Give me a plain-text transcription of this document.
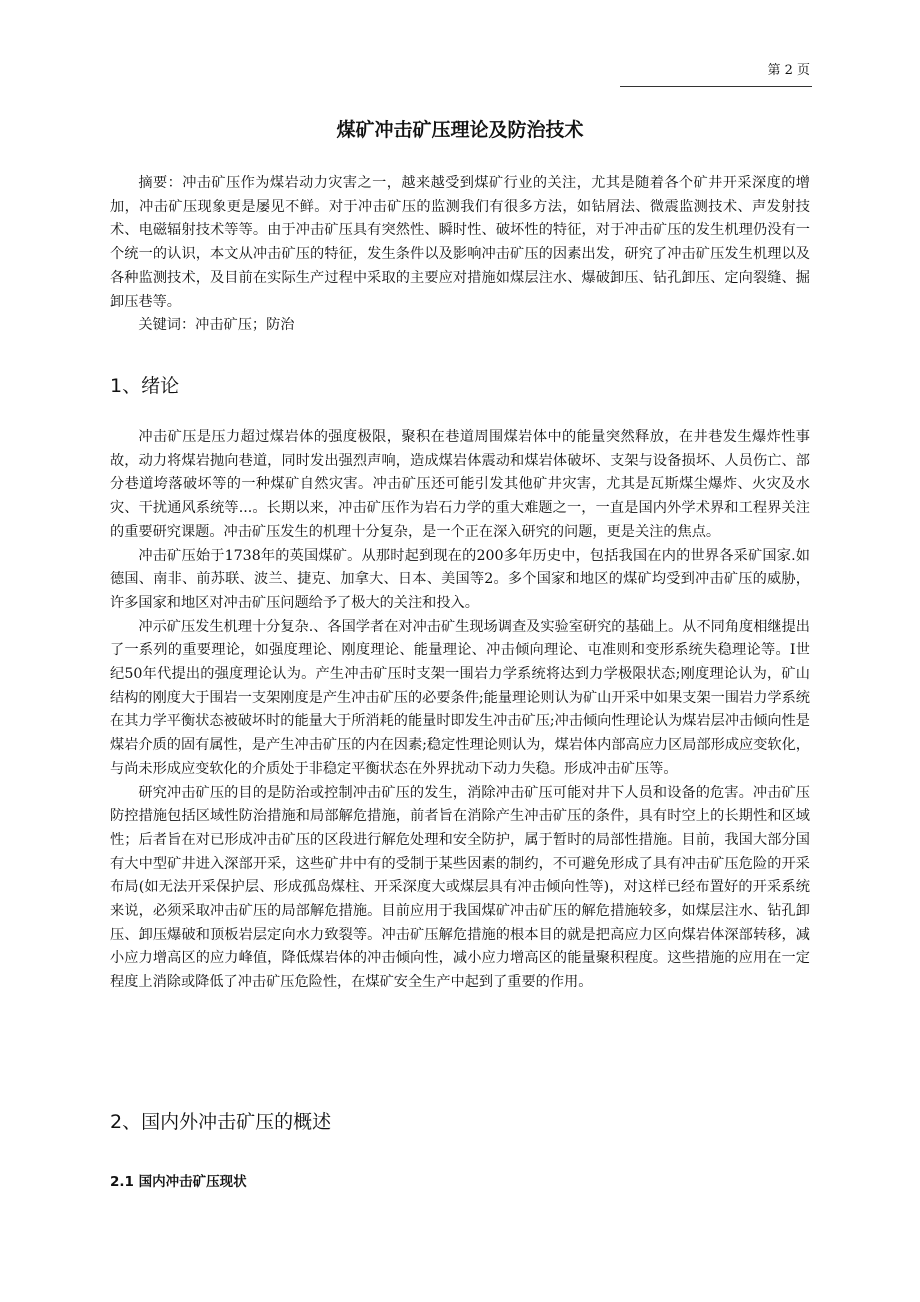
第 2 页
煤矿冲击矿压理论及防治技术

摘要：冲击矿压作为煤岩动力灾害之一，越来越受到煤矿行业的关注，尤其是随着各个矿井开采深度的增加，冲击矿压现象更是屡见不鲜。对于冲击矿压的监测我们有很多方法，如钻屑法、微震监测技术、声发射技术、电磁辐射技术等等。由于冲击矿压具有突然性、瞬时性、破坏性的特征，对于冲击矿压的发生机理仍没有一个统一的认识，本文从冲击矿压的特征，发生条件以及影响冲击矿压的因素出发，研究了冲击矿压发生机理以及各种监测技术，及目前在实际生产过程中采取的主要应对措施如煤层注水、爆破卸压、钻孔卸压、定向裂缝、掘卸压巷等。

关键词：冲击矿压；防治

1、绪论

冲击矿压是压力超过煤岩体的强度极限，聚积在巷道周围煤岩体中的能量突然释放，在井巷发生爆炸性事故，动力将煤岩抛向巷道，同时发出强烈声响，造成煤岩体震动和煤岩体破坏、支架与设备损坏、人员伤亡、部分巷道垮落破坏等的一种煤矿自然灾害。冲击矿压还可能引发其他矿井灾害，尤其是瓦斯煤尘爆炸、火灾及水灾、干扰通风系统等...。长期以来，冲击矿压作为岩石力学的重大难题之一，一直是国内外学术界和工程界关注的重要研究课题。冲击矿压发生的机理十分复杂，是一个正在深入研究的问题，更是关注的焦点。

冲击矿压始于1738年的英国煤矿。从那时起到现在的200多年历史中，包括我国在内的世界各采矿国家.如德国、南非、前苏联、波兰、捷克、加拿大、日本、美国等2。多个国家和地区的煤矿均受到冲击矿压的威胁，许多国家和地区对冲击矿压问题给予了极大的关注和投入。

冲示矿压发生机理十分复杂.、各国学者在对冲击矿生现场调查及实验室研究的基础上。从不同角度相继提出了一系列的重要理论，如强度理论、刚度理论、能量理论、冲击倾向理论、屯准则和变形系统失稳理论等。I世纪50年代提出的强度理论认为。产生冲击矿压时支架一围岩力学系统将达到力学极限状态;刚度理论认为，矿山结构的刚度大于围岩一支架刚度是产生冲击矿压的必要条件;能量理论则认为矿山开采中如果支架一围岩力学系统在其力学平衡状态被破坏时的能量大于所消耗的能量时即发生冲击矿压;冲击倾向性理论认为煤岩层冲击倾向性是煤岩介质的固有属性，是产生冲击矿压的内在因素;稳定性理论则认为，煤岩体内部高应力区局部形成应变软化，与尚未形成应变软化的介质处于非稳定平衡状态在外界扰动下动力失稳。形成冲击矿压等。

研究冲击矿压的目的是防治或控制冲击矿压的发生，消除冲击矿压可能对井下人员和设备的危害。冲击矿压防控措施包括区域性防治措施和局部解危措施，前者旨在消除产生冲击矿压的条件，具有时空上的长期性和区域性；后者旨在对已形成冲击矿压的区段进行解危处理和安全防护，属于暂时的局部性措施。目前，我国大部分国有大中型矿井进入深部开采，这些矿井中有的受制于某些因素的制约，不可避免形成了具有冲击矿压危险的开采布局(如无法开采保护层、形成孤岛煤柱、开采深度大或煤层具有冲击倾向性等)，对这样已经布置好的开采系统来说，必须采取冲击矿压的局部解危措施。目前应用于我国煤矿冲击矿压的解危措施较多，如煤层注水、钻孔卸压、卸压爆破和顶板岩层定向水力致裂等。冲击矿压解危措施的根本目的就是把高应力区向煤岩体深部转移，减小应力增高区的应力峰值，降低煤岩体的冲击倾向性，减小应力增高区的能量聚积程度。这些措施的应用在一定程度上消除或降低了冲击矿压危险性，在煤矿安全生产中起到了重要的作用。

2、国内外冲击矿压的概述
2.1 国内冲击矿压现状
